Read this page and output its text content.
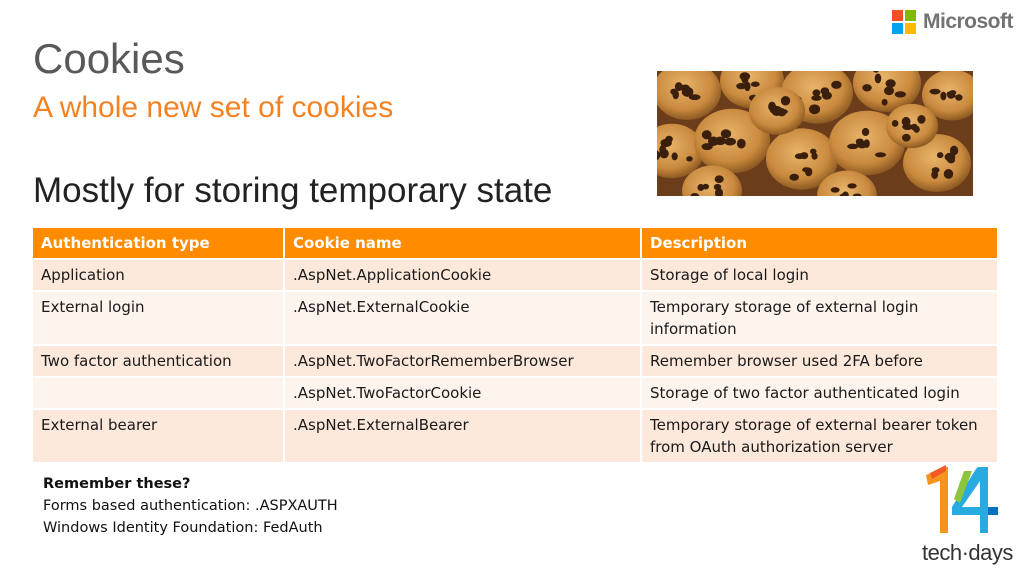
Microsoft
Cookies
A whole new set of cookies
Mostly for storing temporary state
Authentication type	Cookie name	Description
Application	.AspNet.ApplicationCookie	Storage of local login
External login	.AspNet.ExternalCookie	Temporary storage of external login information
Two factor authentication	.AspNet.TwoFactorRememberBrowser	Remember browser used 2FA before
	.AspNet.TwoFactorCookie	Storage of two factor authenticated login
External bearer	.AspNet.ExternalBearer	Temporary storage of external bearer token from OAuth authorization server
Remember these?
Forms based authentication: .ASPXAUTH
Windows Identity Foundation: FedAuth
tech·days
